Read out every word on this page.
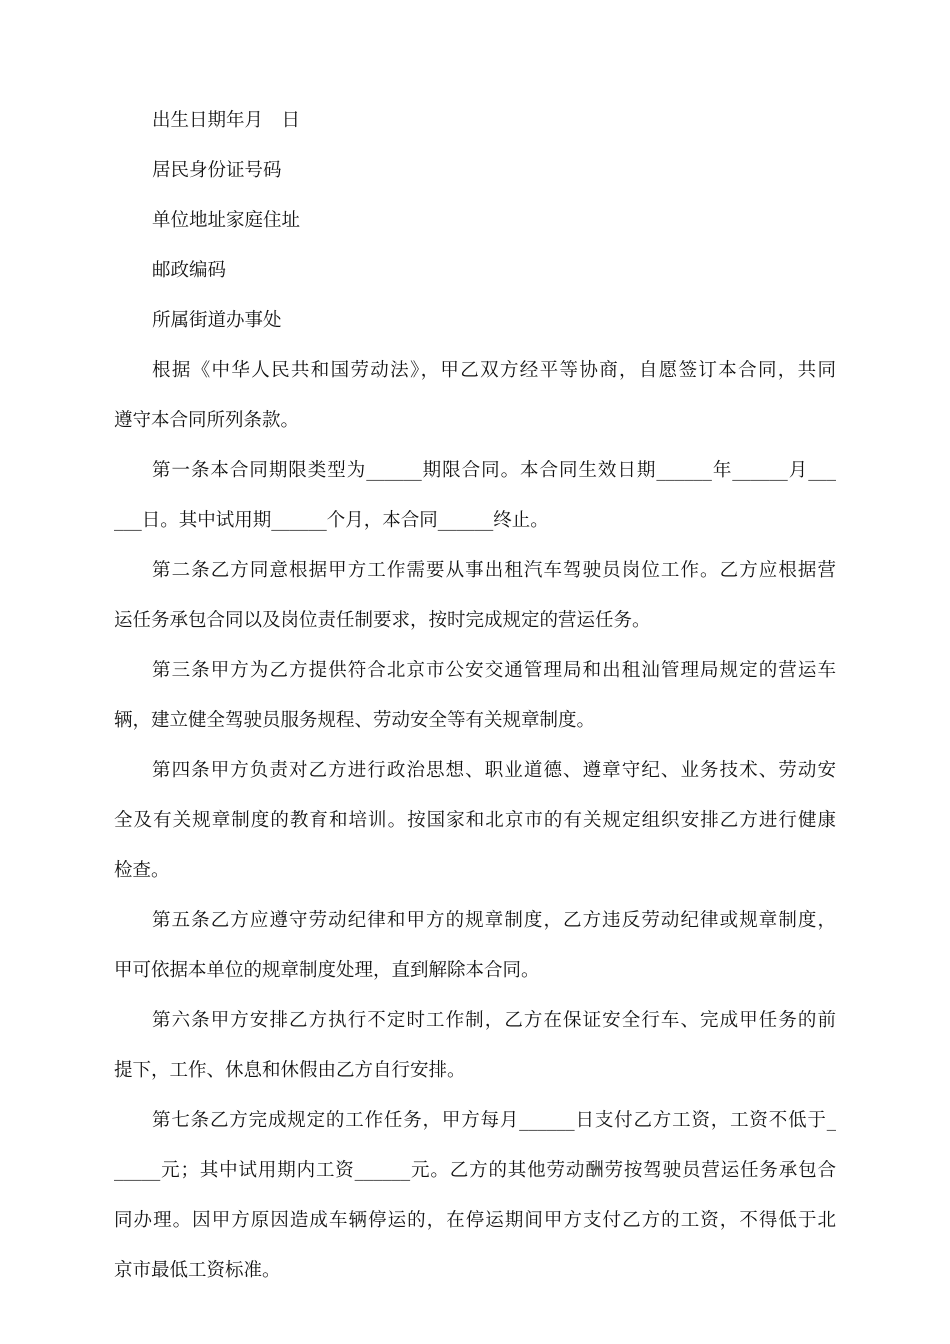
出生日期年月　日
居民身份证号码
单位地址家庭住址
邮政编码
所属街道办事处
根据《中华人民共和国劳动法》，甲乙双方经平等协商，自愿签订本合同，共同
遵守本合同所列条款。
第一条本合同期限类型为______期限合同。本合同生效日期______年______月___
___日。其中试用期______个月，本合同______终止。
第二条乙方同意根据甲方工作需要从事出租汽车驾驶员岗位工作。乙方应根据营
运任务承包合同以及岗位责任制要求，按时完成规定的营运任务。
第三条甲方为乙方提供符合北京市公安交通管理局和出租汕管理局规定的营运车
辆，建立健全驾驶员服务规程、劳动安全等有关规章制度。
第四条甲方负责对乙方进行政治思想、职业道德、遵章守纪、业务技术、劳动安
全及有关规章制度的教育和培训。按国家和北京市的有关规定组织安排乙方进行健康
检查。
第五条乙方应遵守劳动纪律和甲方的规章制度，乙方违反劳动纪律或规章制度，
甲可依据本单位的规章制度处理，直到解除本合同。
第六条甲方安排乙方执行不定时工作制，乙方在保证安全行车、完成甲任务的前
提下，工作、休息和休假由乙方自行安排。
第七条乙方完成规定的工作任务，甲方每月______日支付乙方工资，工资不低于_
_____元；其中试用期内工资______元。乙方的其他劳动酬劳按驾驶员营运任务承包合
同办理。因甲方原因造成车辆停运的，在停运期间甲方支付乙方的工资，不得低于北
京市最低工资标准。
